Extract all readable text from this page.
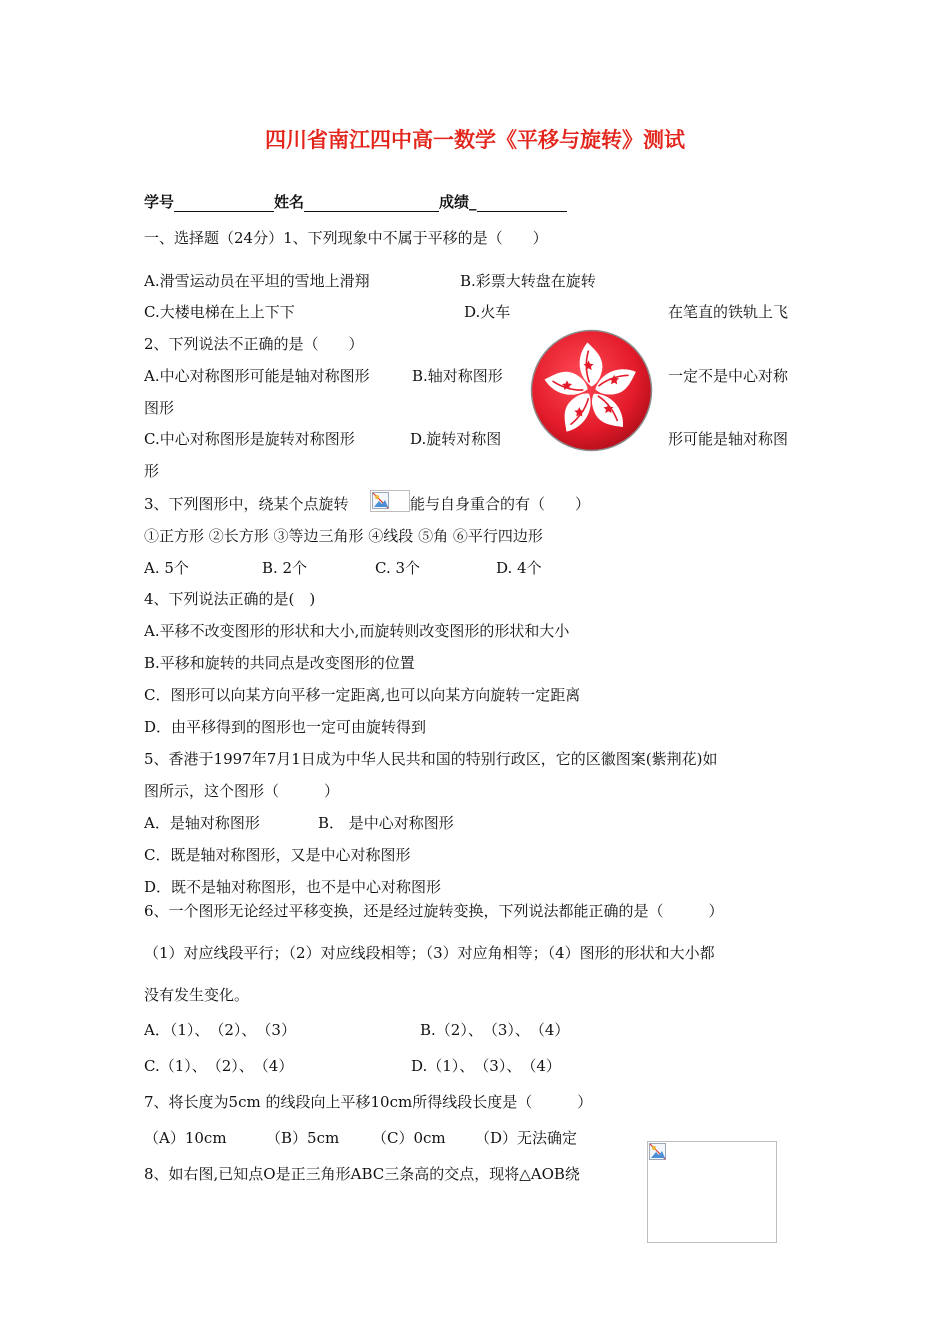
四川省南江四中高一数学《平移与旋转》测试
学号	姓名	成绩_
一、选择题（24分）1、下列现象中不属于平移的是（　　）
A.滑雪运动员在平坦的雪地上滑翔	B.彩票大转盘在旋转
C.大楼电梯在上上下下	D.火车	在笔直的铁轨上飞
2、下列说法不正确的是（　　）
A.中心对称图形可能是轴对称图形	B.轴对称图形	一定不是中心对称
图形
C.中心对称图形是旋转对称图形	D.旋转对称图	形可能是轴对称图
形
3、下列图形中，绕某个点旋转	能与自身重合的有（　　）
①正方形 ②长方形 ③等边三角形 ④线段 ⑤角 ⑥平行四边形
A. 5个	B. 2个	C. 3个	D. 4个
4、下列说法正确的是(　)
A.平移不改变图形的形状和大小,而旋转则改变图形的形状和大小
B.平移和旋转的共同点是改变图形的位置
C．图形可以向某方向平移一定距离,也可以向某方向旋转一定距离
D．由平移得到的图形也一定可由旋转得到
5、香港于1997年7月1日成为中华人民共和国的特别行政区，它的区徽图案(紫荆花)如
图所示，这个图形（　　　）
A．是轴对称图形	B． 是中心对称图形
C．既是轴对称图形，又是中心对称图形
D．既不是轴对称图形，也不是中心对称图形
6、一个图形无论经过平移变换，还是经过旋转变换，下列说法都能正确的是（　　　）
（1）对应线段平行；（2）对应线段相等；（3）对应角相等；（4）图形的形状和大小都
没有发生变化。
A．（1）、　（2）、　（3）	B.（2）、　（3）、　（4）
C.（1）、　（2）、　（4）	D.（1）、　（3）、　（4）
7、将长度为5cm 的线段向上平移10cm所得线段长度是（　　　）
（A）10cm	（B）5cm （C）0cm （D）无法确定
8、如右图,已知点O是正三角形ABC三条高的交点，现将△AOB绕
